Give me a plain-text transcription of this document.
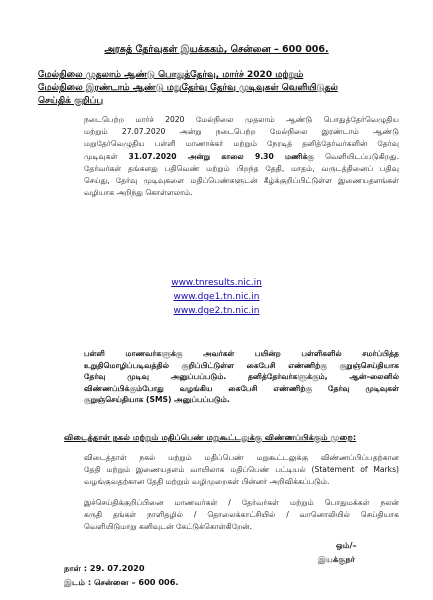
அரசுத் தேர்வுகள் இயக்ககம், சென்னை – 600 006.
மேல்நிலை முதலாம் ஆண்டு பொதுத்தேர்வு, மார்ச் 2020 மற்றும்
மேல்நிலை இரண்டாம் ஆண்டு மறுதேர்வு தேர்வு முடிவுகள் வெளியிடுதல்
செய்திக் குறிப்பு
நடைபெற்ற மார்ச் 2020 மேல்நிலை முதலாம் ஆண்டு பொதுத்தேர்வெழுதிய
மற்றும் 27.07.2020 அன்று நடைபெற்ற மேல்நிலை இரண்டாம் ஆண்டு
மறுதேர்வெழுதிய பள்ளி மாணாக்கர் மற்றும் நேரடித் தனித்தேர்வர்களின் தேர்வு
முடிவுகள் 31.07.2020 அன்று காலை 9.30 மணிக்கு வெளியிடப்படுகிறது.
தேர்வர்கள் தங்களது பதிவெண் மற்றும் பிறந்த தேதி, மாதம், வருடத்தினைப் பதிவு
செய்து, தேர்வு முடிவுகளை மதிப்பெண்களுடன் கீழ்க்குறிப்பிட்டுள்ள இணையதளங்கள்
வழியாக அறிந்து கொள்ளலாம்.
www.tnresults.nic.in
www.dge1.tn.nic.in
www.dge2.tn.nic.in
பள்ளி மாணவர்களுக்கு அவர்கள் பயின்ற பள்ளிகளில் சமர்ப்பித்த
உறுதிமொழிப்படிவத்தில் குறிப்பிட்டுள்ள கைபேசி எண்ணிற்கு குறுஞ்செய்தியாக
தேர்வு முடிவு அனுப்பப்படும். தனித்தேர்வர்களுக்கும், ஆன்–லைனில்
விண்ணப்பிக்கும்போது வழங்கிய கைபேசி எண்ணிற்கு தேர்வு முடிவுகள்
குறுஞ்செய்தியாக (SMS) அனுப்பப்படும்.
விடைத்தாள் நகல் மற்றும் மதிப்பெண் மறுகூட்டலுக்கு விண்ணப்பிக்கும் முறை:
விடைத்தாள் நகல் மற்றும் மதிப்பெண் மறுகூட்டலுக்கு விண்ணப்பிப்பதற்கான
தேதி மற்றும் இணையதளம் வாயிலாக மதிப்பெண் பட்டியல் (Statement of Marks)
வழங்குவதற்கான தேதி மற்றும் வழிமுறைகள் பின்னர் அறிவிக்கப்படும்.
இச்செய்திக்குறிப்பினை மாணவர்கள் / தேர்வர்கள் மற்றும் பொதுமக்கள் நலன்
கருதி தங்கள் நாளிதழில் / தொலைக்காட்சியில் / வானொலியில் செய்தியாக
வெளியிடுமாறு கனிவுடன் கேட்டுக்கொள்கிறேன்.
ஒம்/–
இயக்குநர்
நாள் : 29. 07.2020
இடம் : சென்னை – 600 006.
